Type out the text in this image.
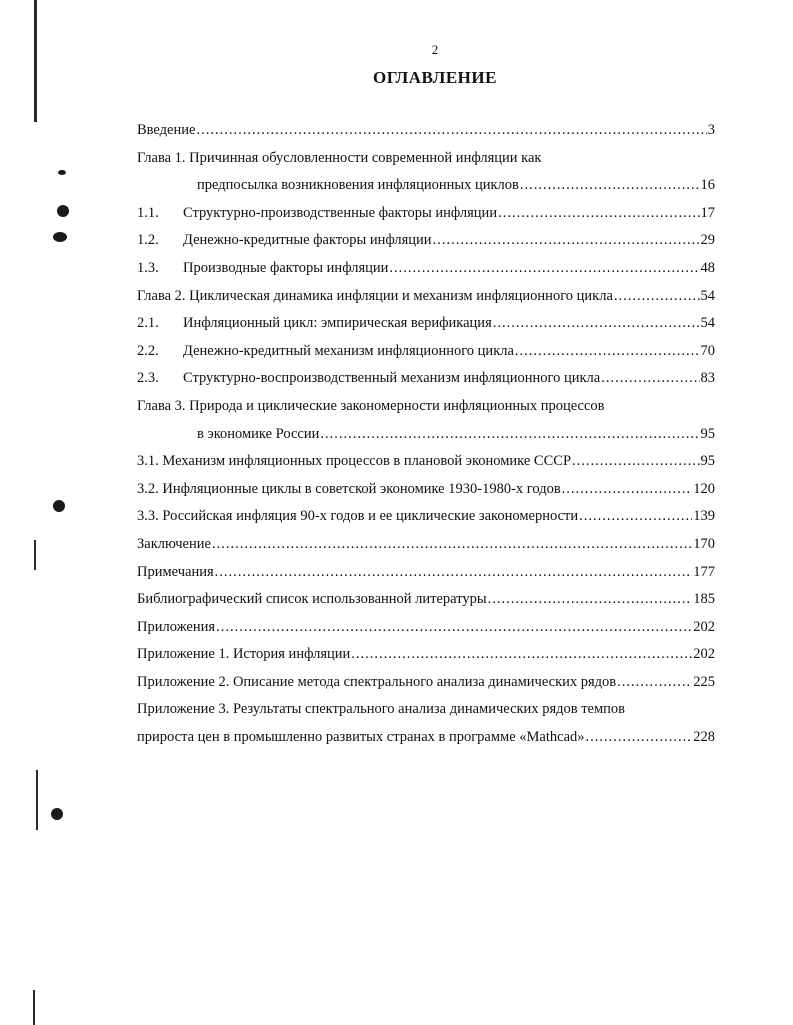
2
ОГЛАВЛЕНИЕ
Введение .....	3
Глава 1. Причинная обусловленности современной инфляции как
предпосылка возникновения инфляционных циклов .....	16
1.1.	Структурно-производственные факторы инфляции .....	17
1.2.	Денежно-кредитные факторы инфляции .....	29
1.3.	Производные факторы инфляции .....	48
Глава 2. Циклическая динамика инфляции и механизм инфляционного цикла .....	54
2.1.	Инфляционный цикл: эмпирическая верификация .....	54
2.2.	Денежно-кредитный механизм инфляционного цикла .....	70
2.3.	Структурно-воспроизводственный механизм инфляционного цикла .....	83
Глава 3. Природа и циклические закономерности инфляционных процессов
в экономике России .....	95
3.1. Механизм инфляционных процессов в плановой экономике СССР .....	95
3.2. Инфляционные циклы в советской экономике 1930-1980-х годов .....	120
3.3. Российская инфляция 90-х годов и ее циклические закономерности .....	139
Заключение .....	170
Примечания .....	177
Библиографический список использованной литературы .....	185
Приложения .....	202
Приложение 1. История инфляции .....	202
Приложение 2. Описание метода спектрального анализа динамических рядов .....	225
Приложение 3. Результаты спектрального анализа динамических рядов темпов
прироста цен в промышленно развитых странах в программе «Mathcad» .....	228
